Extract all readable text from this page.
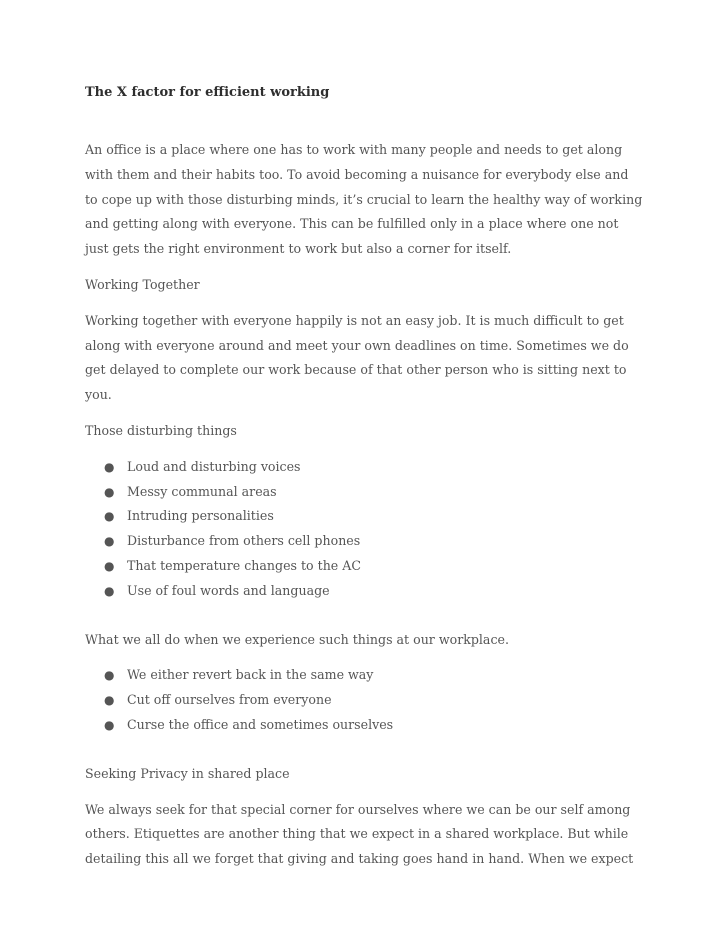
The X factor for efficient working

An office is a place where one has to work with many people and needs to get along with them and their habits too. To avoid becoming a nuisance for everybody else and to cope up with those disturbing minds, it’s crucial to learn the healthy way of working and getting along with everyone. This can be fulfilled only in a place where one not just gets the right environment to work but also a corner for itself.

Working Together

Working together with everyone happily is not an easy job. It is much difficult to get along with everyone around and meet your own deadlines on time. Sometimes we do get delayed to complete our work because of that other person who is sitting next to you.

Those disturbing things

● Loud and disturbing voices
● Messy communal areas
● Intruding personalities
● Disturbance from others cell phones
● That temperature changes to the AC
● Use of foul words and language

What we all do when we experience such things at our workplace.

● We either revert back in the same way
● Cut off ourselves from everyone
● Curse the office and sometimes ourselves

Seeking Privacy in shared place

We always seek for that special corner for ourselves where we can be our self among others. Etiquettes are another thing that we expect in a shared workplace. But while detailing this all we forget that giving and taking goes hand in hand. When we expect
